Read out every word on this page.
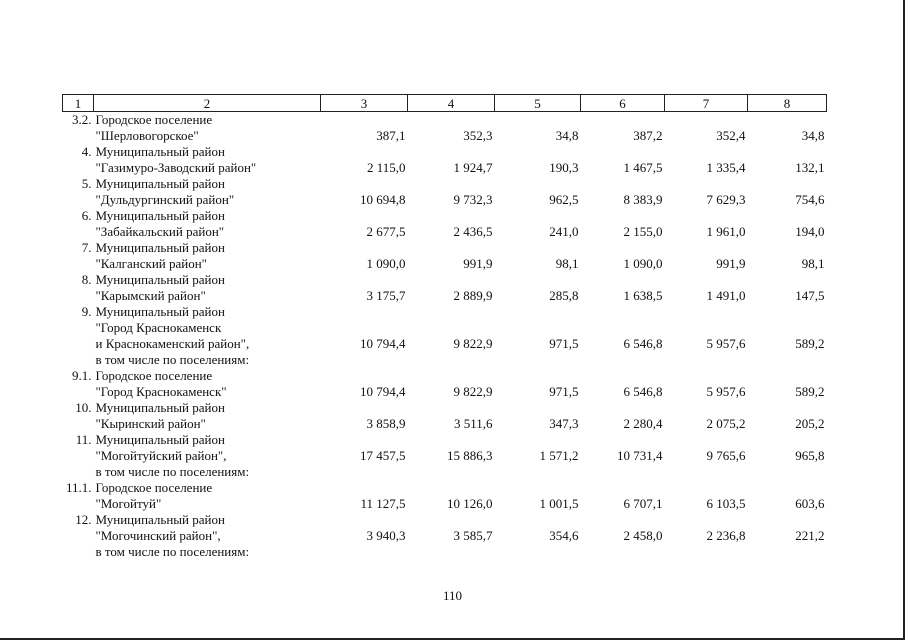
1	2	3	4	5	6	7	8
3.2.	Городское поселение
"Шерловогорское"	387,1	352,3	34,8	387,2	352,4	34,8
4.	Муниципальный район
"Газимуро-Заводский район"	2 115,0	1 924,7	190,3	1 467,5	1 335,4	132,1
5.	Муниципальный район
"Дульдургинский район"	10 694,8	9 732,3	962,5	8 383,9	7 629,3	754,6
6.	Муниципальный район
"Забайкальский район"	2 677,5	2 436,5	241,0	2 155,0	1 961,0	194,0
7.	Муниципальный район
"Калганский район"	1 090,0	991,9	98,1	1 090,0	991,9	98,1
8.	Муниципальный район
"Карымский район"	3 175,7	2 889,9	285,8	1 638,5	1 491,0	147,5
9.	Муниципальный район
"Город Краснокаменск
и Краснокаменский район",
в том числе по поселениям:	10 794,4	9 822,9	971,5	6 546,8	5 957,6	589,2
9.1.	Городское поселение
"Город Краснокаменск"	10 794,4	9 822,9	971,5	6 546,8	5 957,6	589,2
10.	Муниципальный район
"Кыринский район"	3 858,9	3 511,6	347,3	2 280,4	2 075,2	205,2
11.	Муниципальный район
"Могойтуйский район",
в том числе по поселениям:	17 457,5	15 886,3	1 571,2	10 731,4	9 765,6	965,8
11.1.	Городское поселение
"Могойтуй"	11 127,5	10 126,0	1 001,5	6 707,1	6 103,5	603,6
12.	Муниципальный район
"Могочинский район",
в том числе по поселениям:	3 940,3	3 585,7	354,6	2 458,0	2 236,8	221,2
110
